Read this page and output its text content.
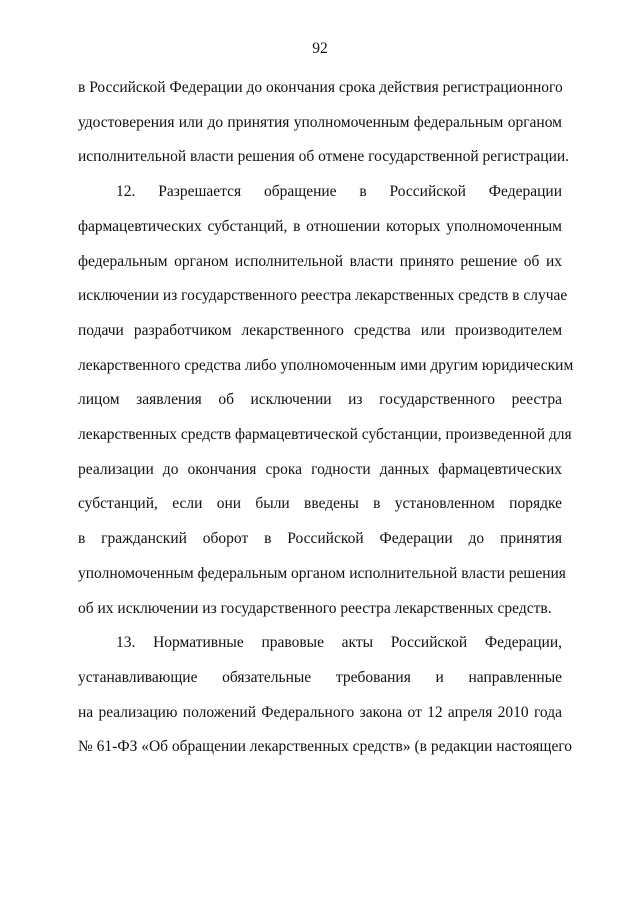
92
в Российской Федерации до окончания срока действия регистрационного
удостоверения или до принятия уполномоченным федеральным органом
исполнительной власти решения об отмене государственной регистрации.
12. Разрешается обращение в Российской Федерации
фармацевтических субстанций, в отношении которых уполномоченным
федеральным органом исполнительной власти принято решение об их
исключении из государственного реестра лекарственных средств в случае
подачи разработчиком лекарственного средства или производителем
лекарственного средства либо уполномоченным ими другим юридическим
лицом заявления об исключении из государственного реестра
лекарственных средств фармацевтической субстанции, произведенной для
реализации до окончания срока годности данных фармацевтических
субстанций, если они были введены в установленном порядке
в гражданский оборот в Российской Федерации до принятия
уполномоченным федеральным органом исполнительной власти решения
об их исключении из государственного реестра лекарственных средств.
13. Нормативные правовые акты Российской Федерации,
устанавливающие обязательные требования и направленные
на реализацию положений Федерального закона от 12 апреля 2010 года
№ 61-ФЗ «Об обращении лекарственных средств» (в редакции настоящего
